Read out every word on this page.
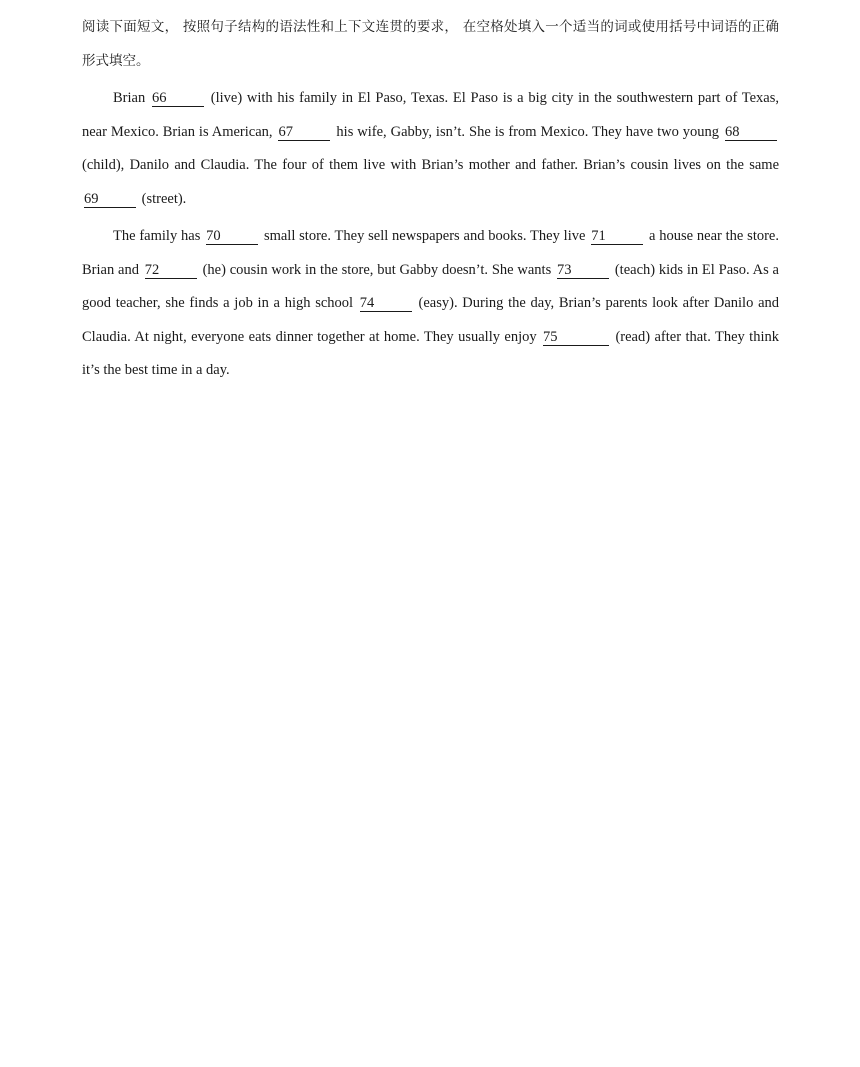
阅读下面短文， 按照句子结构的语法性和上下文连贯的要求， 在空格处填入一个适当的词或使用括号中词语的正确形式填空。

Brian 66	(live) with his family in El Paso, Texas. El Paso is a big city in the southwestern part of Texas, near Mexico. Brian is American, 67	his wife, Gabby, isn’t. She is from Mexico. They have two young 68 (child), Danilo and Claudia. The four of them live with Brian’s mother and father. Brian’s cousin lives on the same 69	(street).

The family has 70	small store. They sell newspapers and books. They live 71	a house near the store. Brian and 72	(he) cousin work in the store, but Gabby doesn’t. She wants 73	(teach) kids in El Paso. As a good teacher, she finds a job in a high school 74	(easy). During the day, Brian’s parents look after Danilo and Claudia. At night, everyone eats dinner together at home. They usually enjoy 75	(read) after that. They think it’s the best time in a day.
